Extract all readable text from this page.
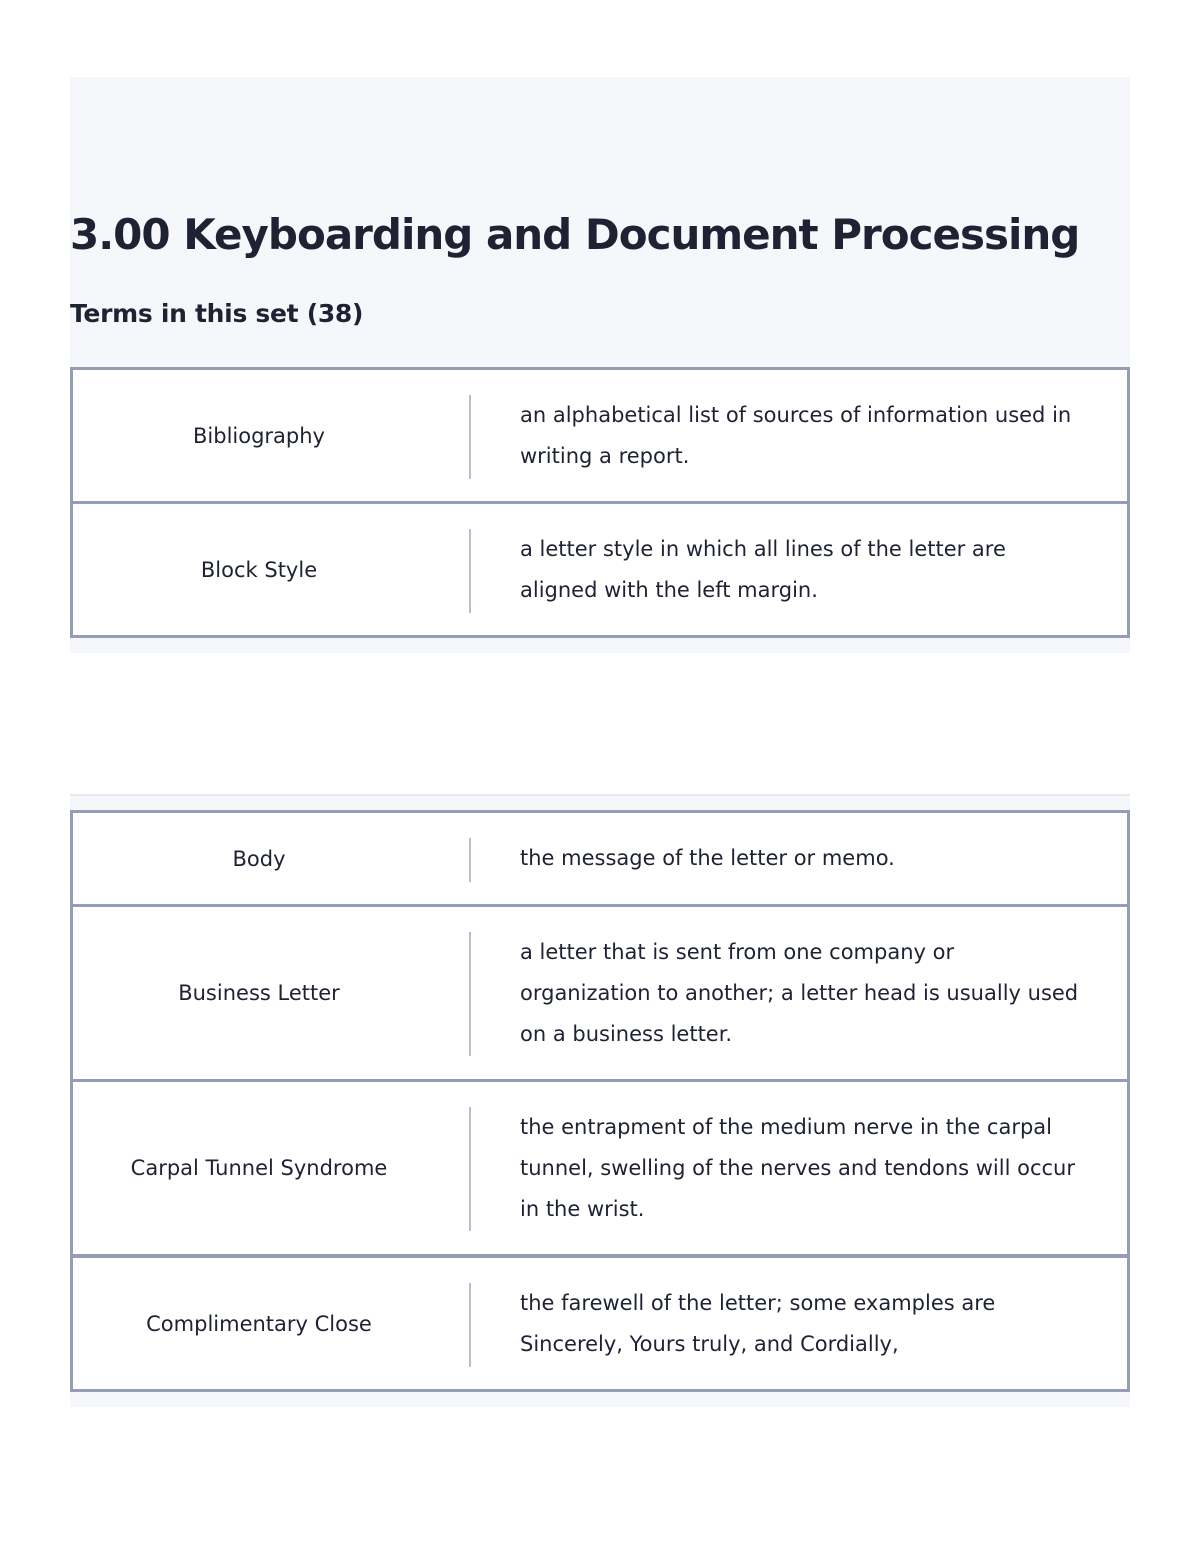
3.00 Keyboarding and Document Processing
Terms in this set (38)
Bibliography
an alphabetical list of sources of information used in writing a report.
Block Style
a letter style in which all lines of the letter are aligned with the left margin.
Body	the message of the letter or memo.
Business Letter
a letter that is sent from one company or organization to another; a letter head is usually used on a business letter.
Carpal Tunnel Syndrome
the entrapment of the medium nerve in the carpal tunnel, swelling of the nerves and tendons will occur in the wrist.
Complimentary Close
the farewell of the letter; some examples are Sincerely, Yours truly, and Cordially,
